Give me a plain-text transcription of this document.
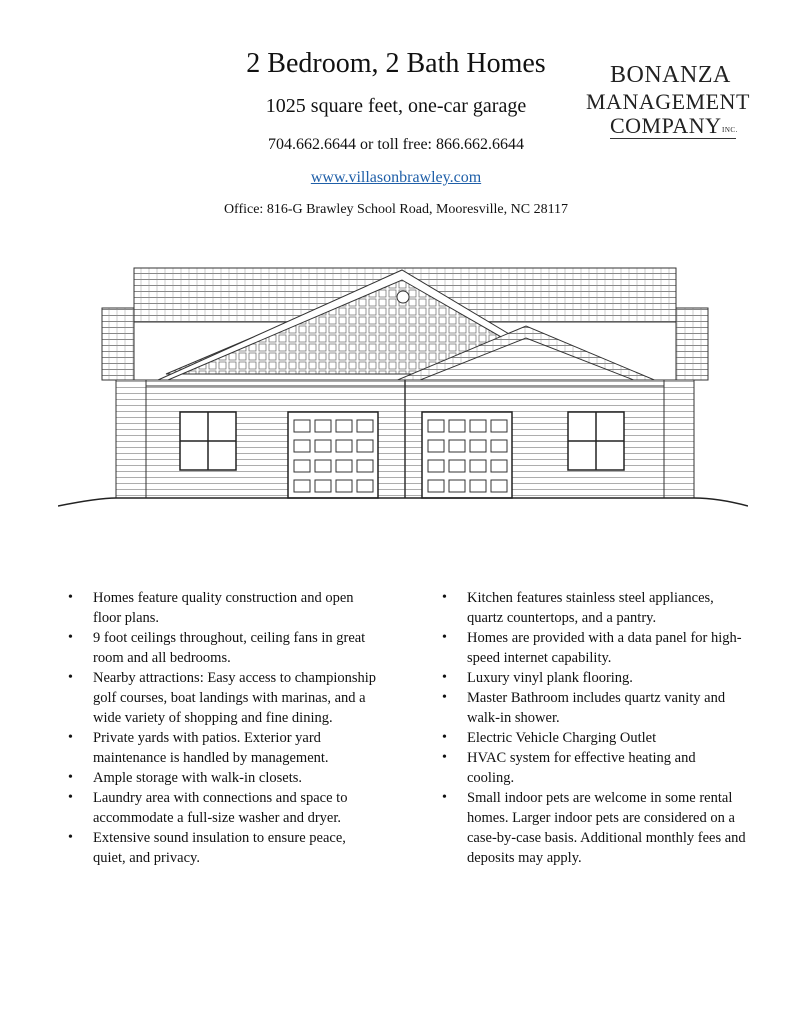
2 Bedroom, 2 Bath Homes
1025 square feet, one-car garage
704.662.6644 or toll free: 866.662.6644
www.villasonbrawley.com
Office: 816-G Brawley School Road, Mooresville, NC 28117
BONANZA
MANAGEMENT
COMPANY INC.
• Homes feature quality construction and open floor plans.
• 9 foot ceilings throughout, ceiling fans in great room and all bedrooms.
• Nearby attractions: Easy access to championship golf courses, boat landings with marinas, and a wide variety of shopping and fine dining.
• Private yards with patios. Exterior yard maintenance is handled by management.
• Ample storage with walk-in closets.
• Laundry area with connections and space to accommodate a full-size washer and dryer.
• Extensive sound insulation to ensure peace, quiet, and privacy.
• Kitchen features stainless steel appliances, quartz countertops, and a pantry.
• Homes are provided with a data panel for high-speed internet capability.
• Luxury vinyl plank flooring.
• Master Bathroom includes quartz vanity and walk-in shower.
• Electric Vehicle Charging Outlet
• HVAC system for effective heating and cooling.
• Small indoor pets are welcome in some rental homes. Larger indoor pets are considered on a case-by-case basis. Additional monthly fees and deposits may apply.
